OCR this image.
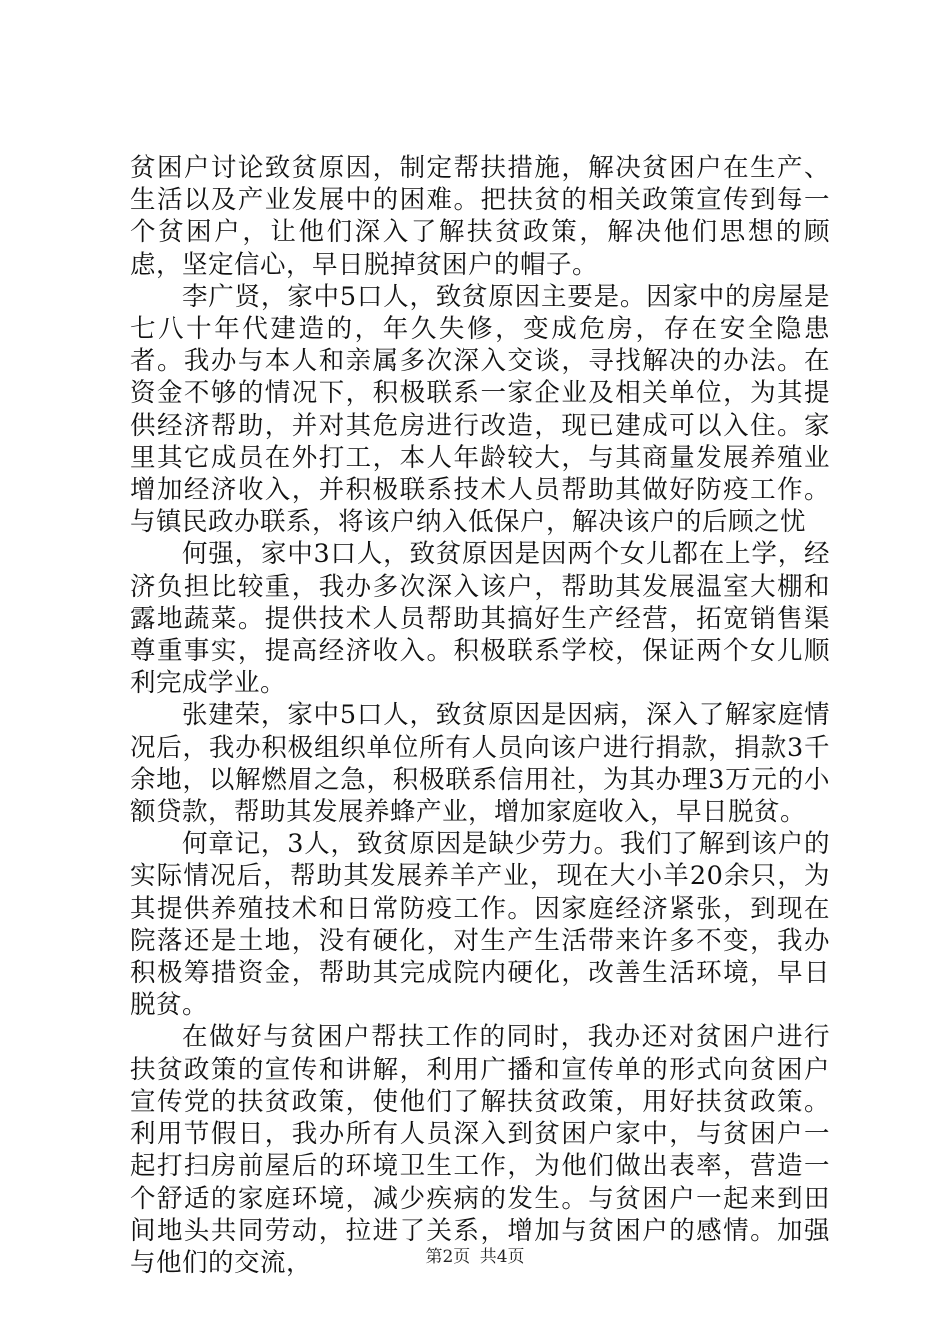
贫困户讨论致贫原因，制定帮扶措施，解决贫困户在生产、生活以及产业发展中的困难。把扶贫的相关政策宣传到每一个贫困户，让他们深入了解扶贫政策，解决他们思想的顾虑，坚定信心，早日脱掉贫困户的帽子。

李广贤，家中5口人，致贫原因主要是。因家中的房屋是七八十年代建造的，年久失修，变成危房，存在安全隐患者。我办与本人和亲属多次深入交谈，寻找解决的办法。在资金不够的情况下，积极联系一家企业及相关单位，为其提供经济帮助，并对其危房进行改造，现已建成可以入住。家里其它成员在外打工，本人年龄较大，与其商量发展养殖业增加经济收入，并积极联系技术人员帮助其做好防疫工作。与镇民政办联系，将该户纳入低保户，解决该户的后顾之忧

何强，家中3口人，致贫原因是因两个女儿都在上学，经济负担比较重，我办多次深入该户，帮助其发展温室大棚和露地蔬菜。提供技术人员帮助其搞好生产经营，拓宽销售渠尊重事实，提高经济收入。积极联系学校，保证两个女儿顺利完成学业。

张建荣，家中5口人，致贫原因是因病，深入了解家庭情况后，我办积极组织单位所有人员向该户进行捐款，捐款3千余地，以解燃眉之急，积极联系信用社，为其办理3万元的小额贷款，帮助其发展养蜂产业，增加家庭收入，早日脱贫。

何章记，3人，致贫原因是缺少劳力。我们了解到该户的实际情况后，帮助其发展养羊产业，现在大小羊20余只，为其提供养殖技术和日常防疫工作。因家庭经济紧张，到现在院落还是土地，没有硬化，对生产生活带来许多不变，我办积极筹措资金，帮助其完成院内硬化，改善生活环境，早日脱贫。

在做好与贫困户帮扶工作的同时，我办还对贫困户进行扶贫政策的宣传和讲解，利用广播和宣传单的形式向贫困户宣传党的扶贫政策，使他们了解扶贫政策，用好扶贫政策。利用节假日，我办所有人员深入到贫困户家中，与贫困户一起打扫房前屋后的环境卫生工作，为他们做出表率，营造一个舒适的家庭环境，减少疾病的发生。与贫困户一起来到田间地头共同劳动，拉进了关系，增加与贫困户的感情。加强与他们的交流，	第2页 共4页
